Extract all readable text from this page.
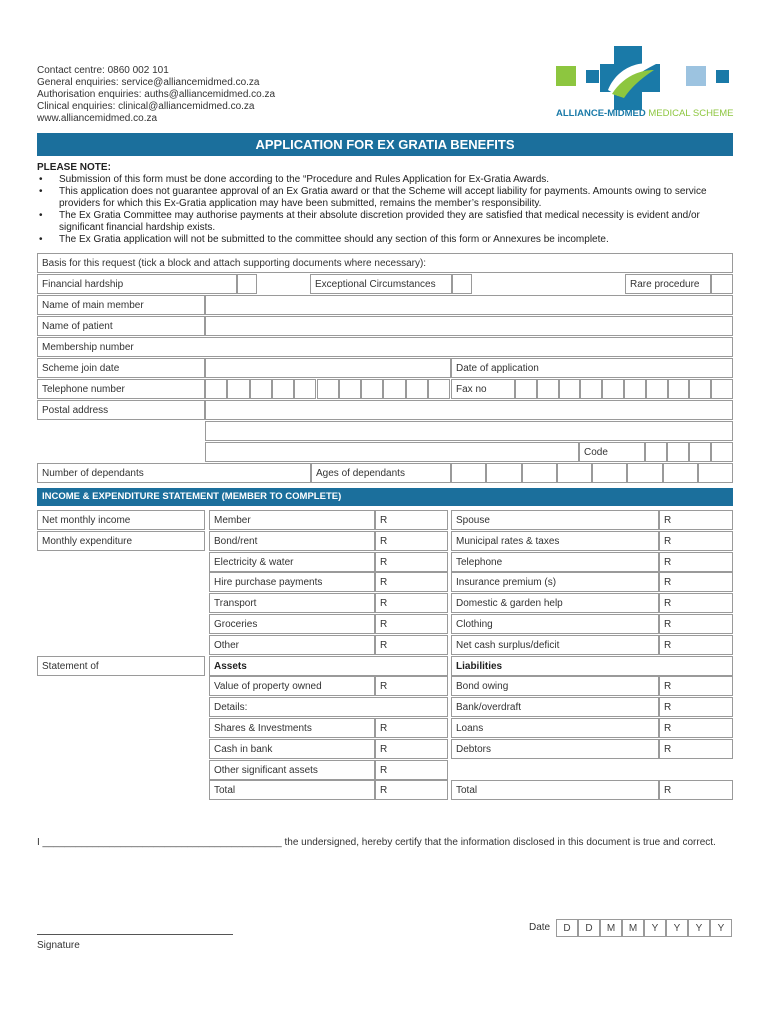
Contact centre: 0860 002 101
General enquiries: service@alliancemidmed.co.za
Authorisation enquiries: auths@alliancemidmed.co.za
Clinical enquiries: clinical@alliancemidmed.co.za
www.alliancemidmed.co.za	ALLIANCE-MIDMED MEDICAL SCHEME
APPLICATION FOR EX GRATIA BENEFITS
PLEASE NOTE:
• Submission of this form must be done according to the “Procedure and Rules Application for Ex-Gratia Awards.
• This application does not guarantee approval of an Ex Gratia award or that the Scheme will accept liability for payments. Amounts owing to service providers for which this Ex-Gratia application may have been submitted, remains the member’s responsibility.
• The Ex Gratia Committee may authorise payments at their absolute discretion provided they are satisfied that medical necessity is evident and/or significant financial hardship exists.
• The Ex Gratia application will not be submitted to the committee should any section of this form or Annexures be incomplete.
Basis for this request (tick a block and attach supporting documents where necessary):
Financial hardship	Exceptional Circumstances	Rare procedure
Name of main member
Name of patient
Membership number
Scheme join date	Date of application
Telephone number	Fax no
Postal address
Code
Number of dependants	Ages of dependants
INCOME & EXPENDITURE STATEMENT (MEMBER TO COMPLETE)
Net monthly income
Monthly expenditure
Statement of
Member	R	Spouse	R
Bond/rent	R	Municipal rates & taxes	R
Electricity & water	R	Telephone	R
Hire purchase payments	R	Insurance premium (s)	R
Transport	R	Domestic & garden help	R
Groceries	R	Clothing	R
Other	R	Net cash surplus/deficit	R
Assets	Liabilities
Value of property owned	R	Bond owing	R
Details:	Bank/overdraft	R
Shares & Investments	R	Loans	R
Cash in bank	R	Debtors	R
Other significant assets	R
Total	R	Total	R
I ___________________________________________ the undersigned, hereby certify that the information disclosed in this document is true and correct.
Signature
Date	D	D	M	M	Y	Y	Y	Y
